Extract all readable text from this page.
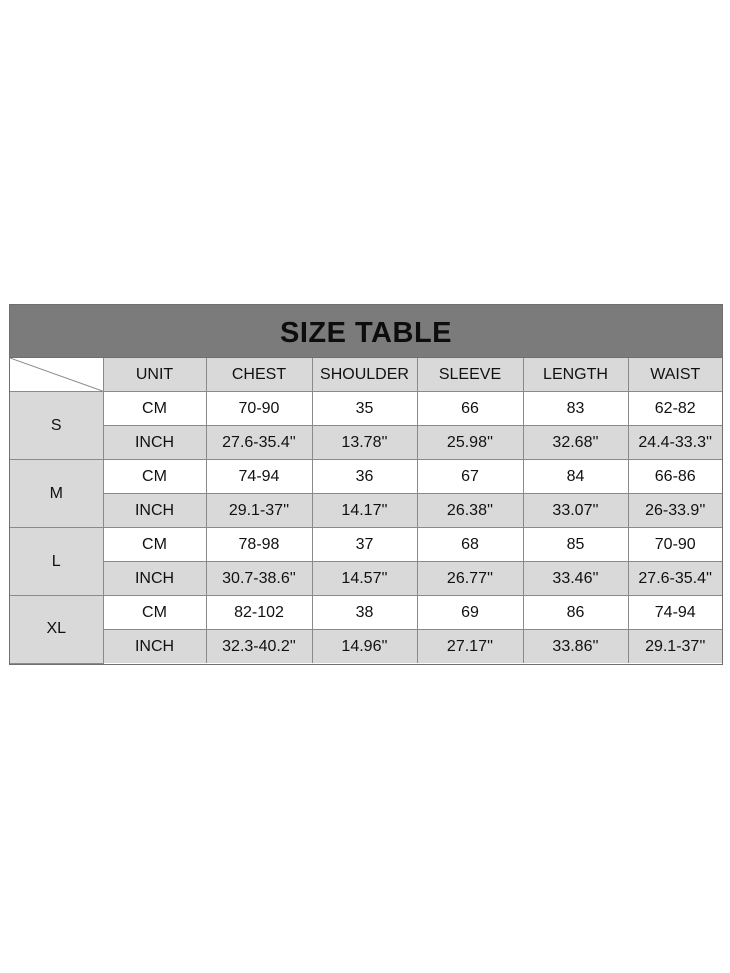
SIZE TABLE
	UNIT	CHEST	SHOULDER	SLEEVE	LENGTH	WAIST
S	CM	70-90	35	66	83	62-82
	INCH	27.6-35.4''	13.78''	25.98''	32.68''	24.4-33.3''
M	CM	74-94	36	67	84	66-86
	INCH	29.1-37''	14.17''	26.38''	33.07''	26-33.9''
L	CM	78-98	37	68	85	70-90
	INCH	30.7-38.6''	14.57''	26.77''	33.46''	27.6-35.4''
XL	CM	82-102	38	69	86	74-94
	INCH	32.3-40.2''	14.96''	27.17''	33.86''	29.1-37''
